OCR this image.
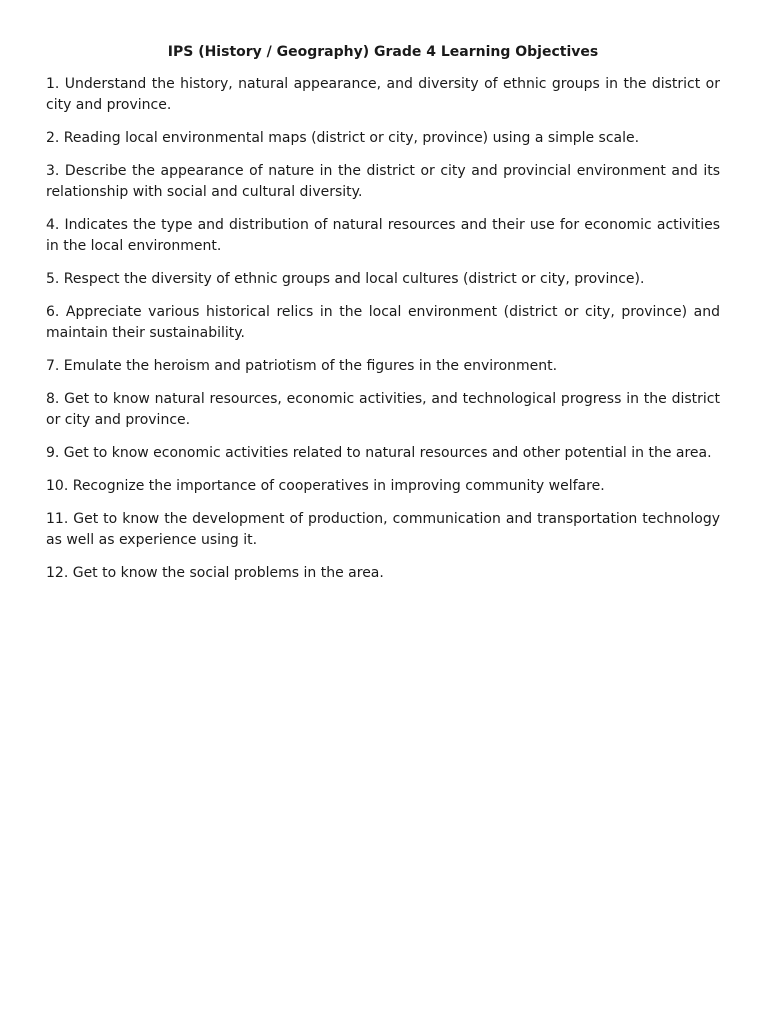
IPS (History / Geography) Grade 4 Learning Objectives
1. Understand the history, natural appearance, and diversity of ethnic groups in the district or city and province.
2. Reading local environmental maps (district or city, province) using a simple scale.
3. Describe the appearance of nature in the district or city and provincial environment and its relationship with social and cultural diversity.
4. Indicates the type and distribution of natural resources and their use for economic activities in the local environment.
5. Respect the diversity of ethnic groups and local cultures (district or city, province).
6. Appreciate various historical relics in the local environment (district or city, province) and maintain their sustainability.
7. Emulate the heroism and patriotism of the figures in the environment.
8. Get to know natural resources, economic activities, and technological progress in the district or city and province.
9. Get to know economic activities related to natural resources and other potential in the area.
10. Recognize the importance of cooperatives in improving community welfare.
11. Get to know the development of production, communication and transportation technology as well as experience using it.
12. Get to know the social problems in the area.
